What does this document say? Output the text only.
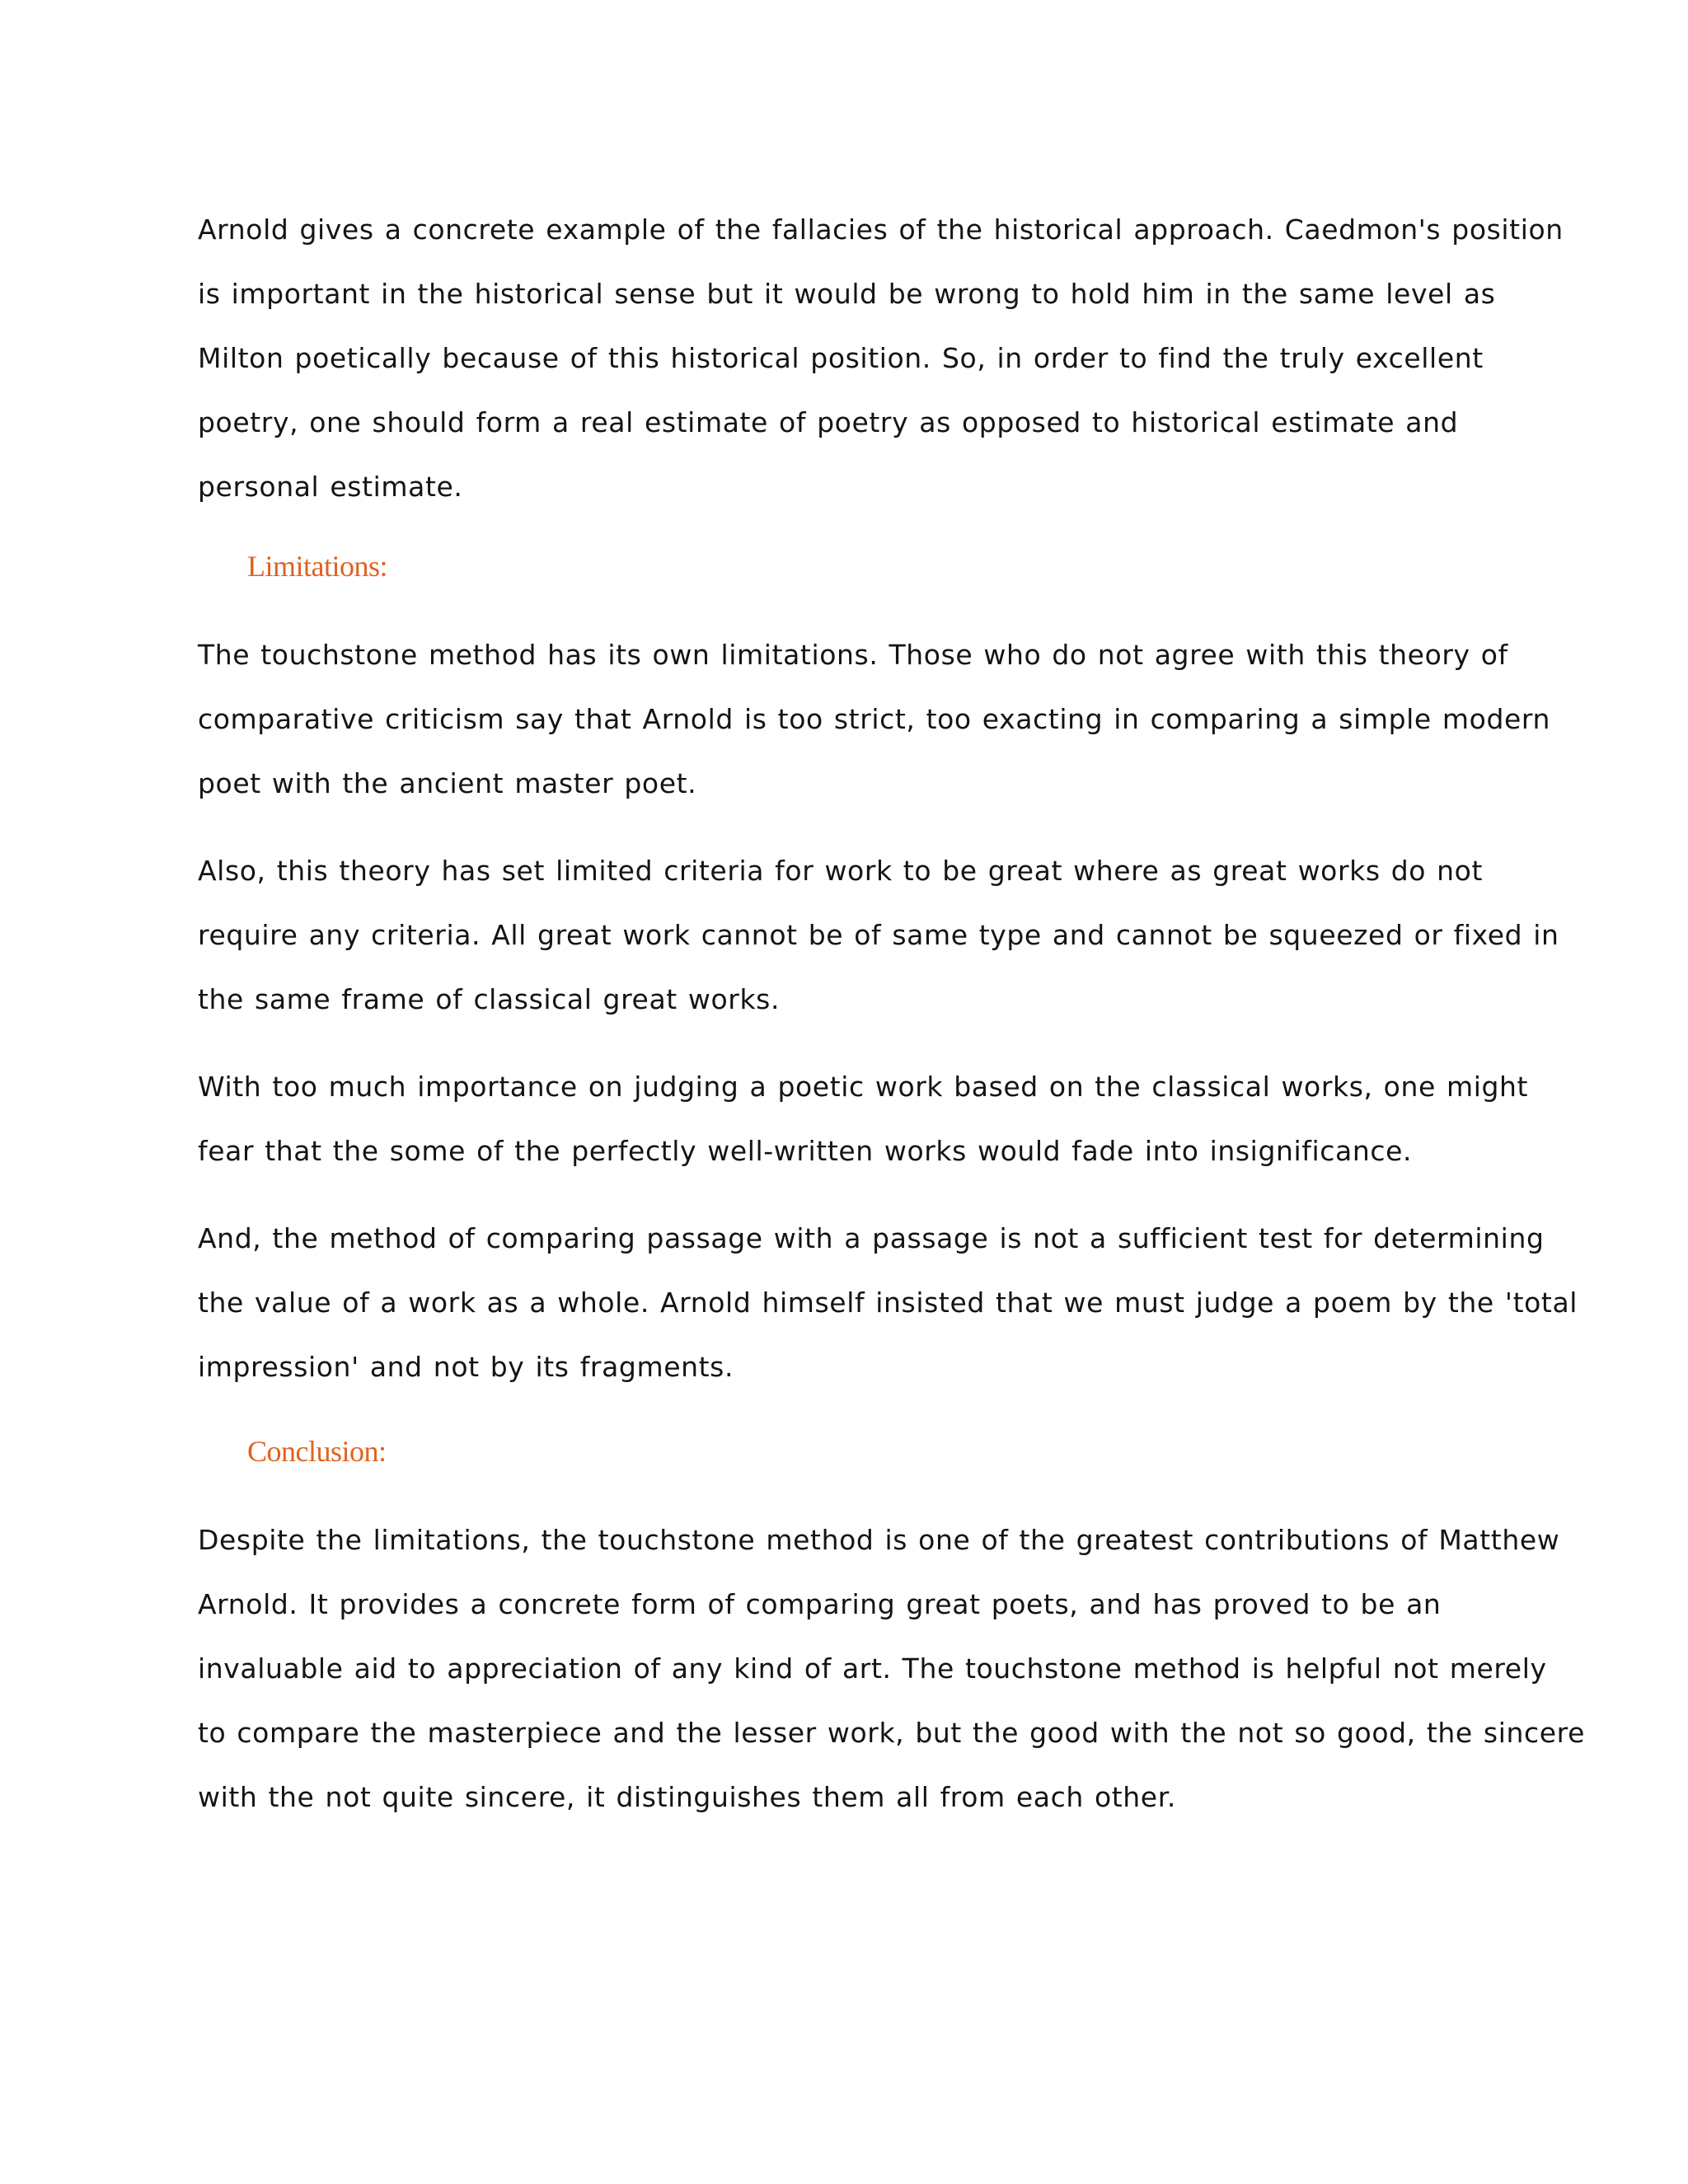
Arnold gives a concrete example of the fallacies of the historical approach. Caedmon's position
is important in the historical sense but it would be wrong to hold him in the same level as
Milton poetically because of this historical position. So, in order to find the truly excellent
poetry, one should form a real estimate of poetry as opposed to historical estimate and
personal estimate.
Limitations:
The touchstone method has its own limitations. Those who do not agree with this theory of
comparative criticism say that Arnold is too strict, too exacting in comparing a simple modern
poet with the ancient master poet.
Also, this theory has set limited criteria for work to be great where as great works do not
require any criteria. All great work cannot be of same type and cannot be squeezed or fixed in
the same frame of classical great works.
With too much importance on judging a poetic work based on the classical works, one might
fear that the some of the perfectly well-written works would fade into insignificance.
And, the method of comparing passage with a passage is not a sufficient test for determining
the value of a work as a whole. Arnold himself insisted that we must judge a poem by the 'total
impression' and not by its fragments.
Conclusion:
Despite the limitations, the touchstone method is one of the greatest contributions of Matthew
Arnold. It provides a concrete form of comparing great poets, and has proved to be an
invaluable aid to appreciation of any kind of art. The touchstone method is helpful not merely
to compare the masterpiece and the lesser work, but the good with the not so good, the sincere
with the not quite sincere, it distinguishes them all from each other.
